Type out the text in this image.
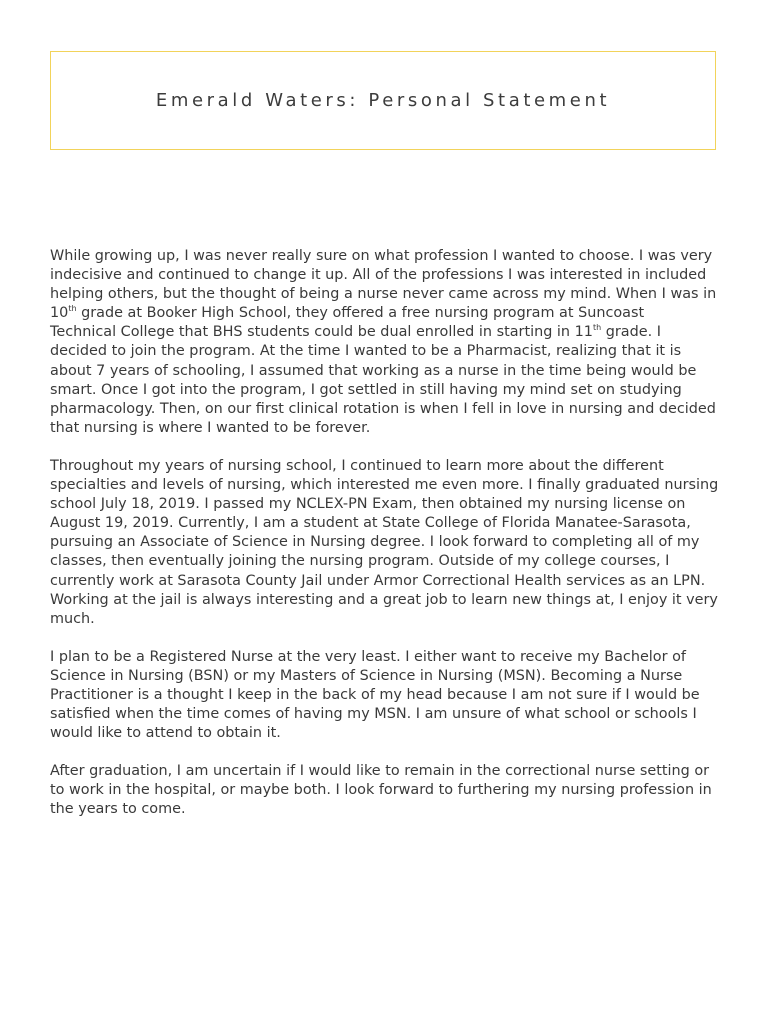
Emerald Waters: Personal Statement

While growing up, I was never really sure on what profession I wanted to choose. I was very
indecisive and continued to change it up. All of the professions I was interested in included
helping others, but the thought of being a nurse never came across my mind. When I was in
10th grade at Booker High School, they offered a free nursing program at Suncoast
Technical College that BHS students could be dual enrolled in starting in 11th grade. I
decided to join the program. At the time I wanted to be a Pharmacist, realizing that it is
about 7 years of schooling, I assumed that working as a nurse in the time being would be
smart. Once I got into the program, I got settled in still having my mind set on studying
pharmacology. Then, on our first clinical rotation is when I fell in love in nursing and decided
that nursing is where I wanted to be forever.

Throughout my years of nursing school, I continued to learn more about the different
specialties and levels of nursing, which interested me even more. I finally graduated nursing
school July 18, 2019. I passed my NCLEX-PN Exam, then obtained my nursing license on
August 19, 2019. Currently, I am a student at State College of Florida Manatee-Sarasota,
pursuing an Associate of Science in Nursing degree. I look forward to completing all of my
classes, then eventually joining the nursing program. Outside of my college courses, I
currently work at Sarasota County Jail under Armor Correctional Health services as an LPN.
Working at the jail is always interesting and a great job to learn new things at, I enjoy it very
much.

I plan to be a Registered Nurse at the very least. I either want to receive my Bachelor of
Science in Nursing (BSN) or my Masters of Science in Nursing (MSN). Becoming a Nurse
Practitioner is a thought I keep in the back of my head because I am not sure if I would be
satisfied when the time comes of having my MSN. I am unsure of what school or schools I
would like to attend to obtain it.

After graduation, I am uncertain if I would like to remain in the correctional nurse setting or
to work in the hospital, or maybe both. I look forward to furthering my nursing profession in
the years to come.
